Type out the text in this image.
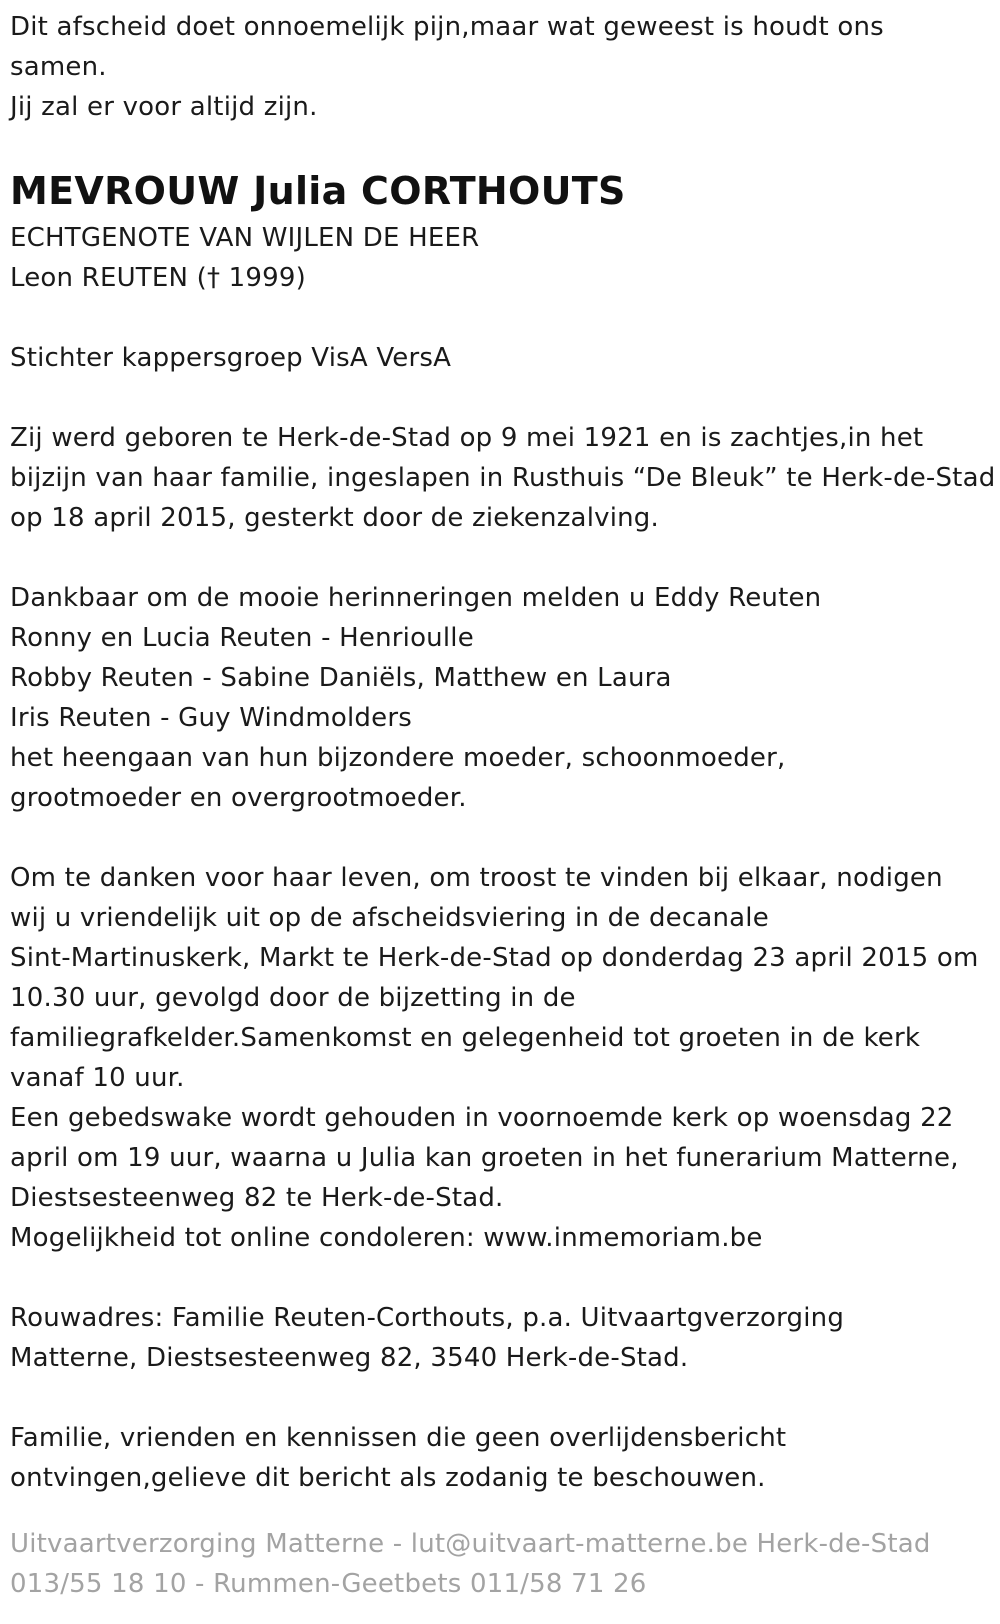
Dit afscheid doet onnoemelijk pijn,maar wat geweest is houdt ons
samen.
Jij zal er voor altijd zijn.
MEVROUW Julia CORTHOUTS
ECHTGENOTE VAN WIJLEN DE HEER
Leon REUTEN († 1999)
Stichter kappersgroep VisA VersA
Zij werd geboren te Herk-de-Stad op 9 mei 1921 en is zachtjes,in het
bijzijn van haar familie, ingeslapen in Rusthuis “De Bleuk” te Herk-de-Stad
op 18 april 2015, gesterkt door de ziekenzalving.
Dankbaar om de mooie herinneringen melden u Eddy Reuten
Ronny en Lucia Reuten - Henrioulle
Robby Reuten - Sabine Daniëls, Matthew en Laura
Iris Reuten - Guy Windmolders
het heengaan van hun bijzondere moeder, schoonmoeder,
grootmoeder en overgrootmoeder.
Om te danken voor haar leven, om troost te vinden bij elkaar, nodigen
wij u vriendelijk uit op de afscheidsviering in de decanale
Sint-Martinuskerk, Markt te Herk-de-Stad op donderdag 23 april 2015 om
10.30 uur, gevolgd door de bijzetting in de
familiegrafkelder.Samenkomst en gelegenheid tot groeten in de kerk
vanaf 10 uur.
Een gebedswake wordt gehouden in voornoemde kerk op woensdag 22
april om 19 uur, waarna u Julia kan groeten in het funerarium Matterne,
Diestsesteenweg 82 te Herk-de-Stad.
Mogelijkheid tot online condoleren: www.inmemoriam.be
Rouwadres: Familie Reuten-Corthouts, p.a. Uitvaartgverzorging
Matterne, Diestsesteenweg 82, 3540 Herk-de-Stad.
Familie, vrienden en kennissen die geen overlijdensbericht
ontvingen,gelieve dit bericht als zodanig te beschouwen.
Uitvaartverzorging Matterne - lut@uitvaart-matterne.be Herk-de-Stad
013/55 18 10 - Rummen-Geetbets 011/58 71 26
